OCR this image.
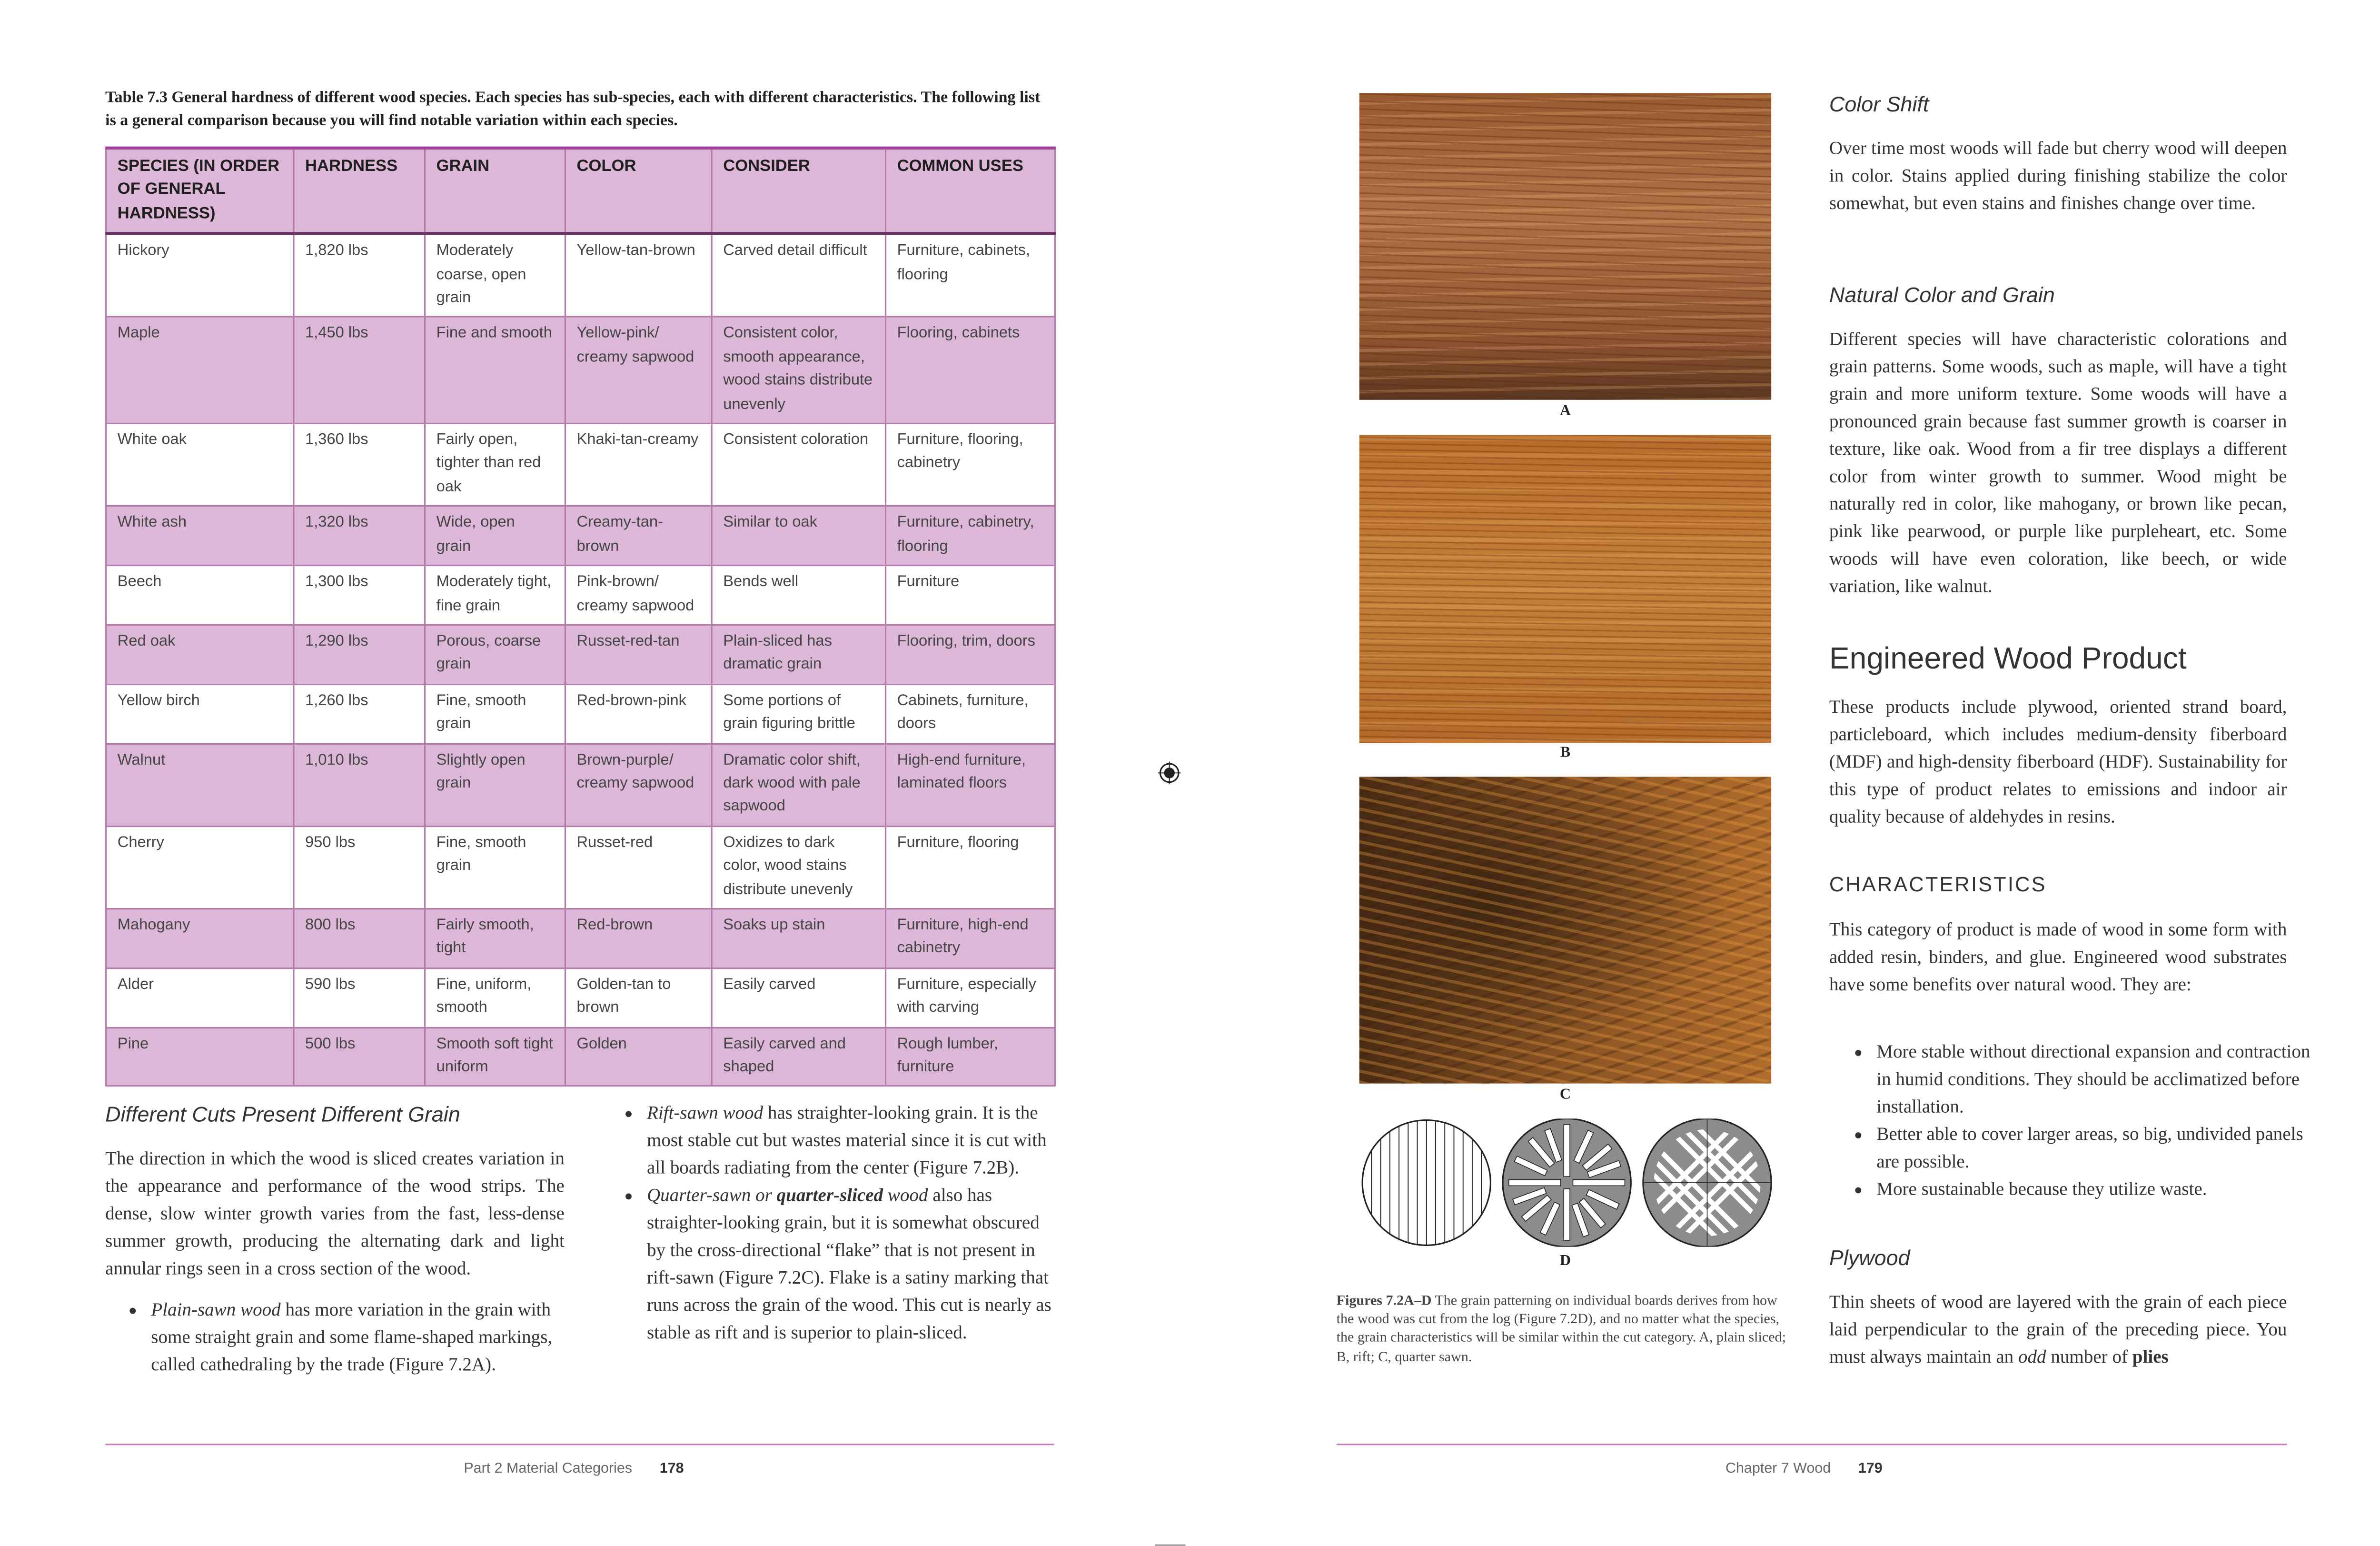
Table 7.3 General hardness of different wood species. Each species has sub-species, each with different characteristics. The following list is a general comparison because you will find notable variation within each species.
SPECIES (IN ORDER OF GENERAL HARDNESS)	HARDNESS	GRAIN	COLOR	CONSIDER	COMMON USES
Hickory	1,820 lbs	Moderately coarse, open grain	Yellow-tan-brown	Carved detail difficult	Furniture, cabinets, flooring
Maple	1,450 lbs	Fine and smooth	Yellow-pink/ creamy sapwood	Consistent color, smooth appearance, wood stains distribute unevenly	Flooring, cabinets
White oak	1,360 lbs	Fairly open, tighter than red oak	Khaki-tan-creamy	Consistent coloration	Furniture, flooring, cabinetry
White ash	1,320 lbs	Wide, open grain	Creamy-tan-brown	Similar to oak	Furniture, cabinetry, flooring
Beech	1,300 lbs	Moderately tight, fine grain	Pink-brown/ creamy sapwood	Bends well	Furniture
Red oak	1,290 lbs	Porous, coarse grain	Russet-red-tan	Plain-sliced has dramatic grain	Flooring, trim, doors
Yellow birch	1,260 lbs	Fine, smooth grain	Red-brown-pink	Some portions of grain figuring brittle	Cabinets, furniture, doors
Walnut	1,010 lbs	Slightly open grain	Brown-purple/ creamy sapwood	Dramatic color shift, dark wood with pale sapwood	High-end furniture, laminated floors
Cherry	950 lbs	Fine, smooth grain	Russet-red	Oxidizes to dark color, wood stains distribute unevenly	Furniture, flooring
Mahogany	800 lbs	Fairly smooth, tight	Red-brown	Soaks up stain	Furniture, high-end cabinetry
Alder	590 lbs	Fine, uniform, smooth	Golden-tan to brown	Easily carved	Furniture, especially with carving
Pine	500 lbs	Smooth soft tight uniform	Golden	Easily carved and shaped	Rough lumber, furniture
Different Cuts Present Different Grain
The direction in which the wood is sliced creates variation in the appearance and performance of the wood strips. The dense, slow winter growth varies from the fast, less-dense summer growth, producing the alternating dark and light annular rings seen in a cross section of the wood.
• Plain-sawn wood has more variation in the grain with some straight grain and some flame-shaped markings, called cathedraling by the trade (Figure 7.2A).
• Rift-sawn wood has straighter-looking grain. It is the most stable cut but wastes material since it is cut with all boards radiating from the center (Figure 7.2B).
• Quarter-sawn or quarter-sliced wood also has straighter-looking grain, but it is somewhat obscured by the cross-directional “flake” that is not present in rift-sawn (Figure 7.2C). Flake is a satiny marking that runs across the grain of the wood. This cut is nearly as stable as rift and is superior to plain-sliced.
Part 2 Material Categories	178
A
B
C
D
Figures 7.2A–D The grain patterning on individual boards derives from how the wood was cut from the log (Figure 7.2D), and no matter what the species, the grain characteristics will be similar within the cut category. A, plain sliced; B, rift; C, quarter sawn.
Color Shift
Over time most woods will fade but cherry wood will deepen in color. Stains applied during finishing stabilize the color somewhat, but even stains and finishes change over time.
Natural Color and Grain
Different species will have characteristic colorations and grain patterns. Some woods, such as maple, will have a tight grain and more uniform texture. Some woods will have a pronounced grain because fast summer growth is coarser in texture, like oak. Wood from a fir tree displays a different color from winter growth to summer. Wood might be naturally red in color, like mahogany, or brown like pecan, pink like pearwood, or purple like purpleheart, etc. Some woods will have even coloration, like beech, or wide variation, like walnut.
Engineered Wood Product
These products include plywood, oriented strand board, particleboard, which includes medium-density fiberboard (MDF) and high-density fiberboard (HDF). Sustainability for this type of product relates to emissions and indoor air quality because of aldehydes in resins.
CHARACTERISTICS
This category of product is made of wood in some form with added resin, binders, and glue. Engineered wood substrates have some benefits over natural wood. They are:
• More stable without directional expansion and contraction in humid conditions. They should be acclimatized before installation.
• Better able to cover larger areas, so big, undivided panels are possible.
• More sustainable because they utilize waste.
Plywood
Thin sheets of wood are layered with the grain of each piece laid perpendicular to the grain of the preceding piece. You must always maintain an odd number of plies
Chapter 7 Wood	179
